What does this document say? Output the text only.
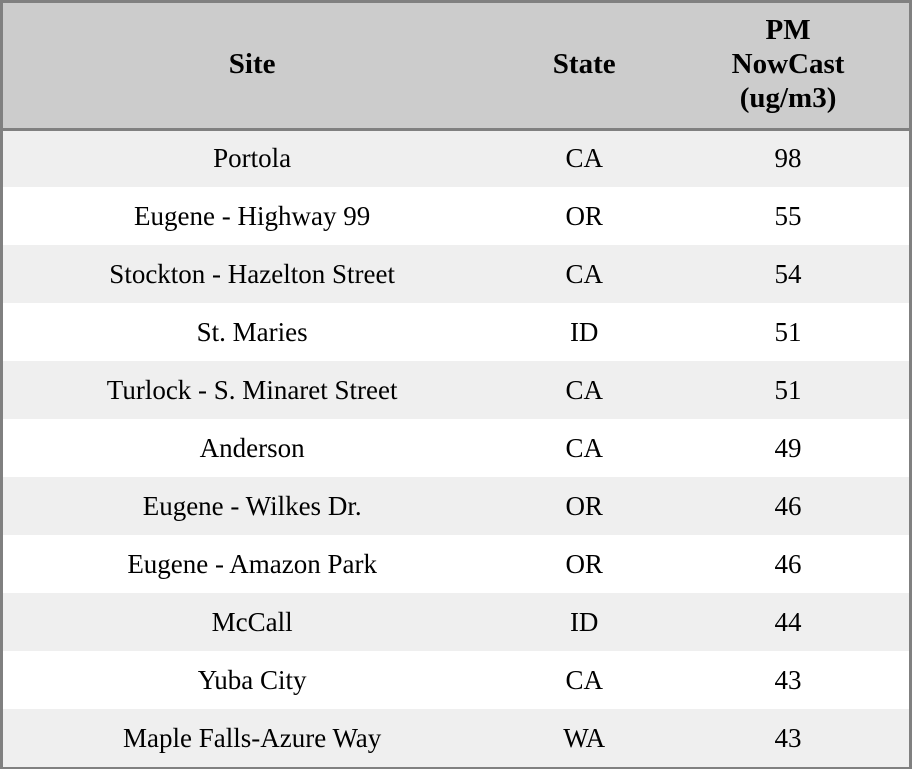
Site	State	PM
NowCast
(ug/m3)

Portola	CA	98
Eugene - Highway 99	OR	55
Stockton - Hazelton Street	CA	54
St. Maries	ID	51
Turlock - S. Minaret Street	CA	51
Anderson	CA	49
Eugene - Wilkes Dr.	OR	46
Eugene - Amazon Park	OR	46
McCall	ID	44
Yuba City	CA	43
Maple Falls-Azure Way	WA	43
